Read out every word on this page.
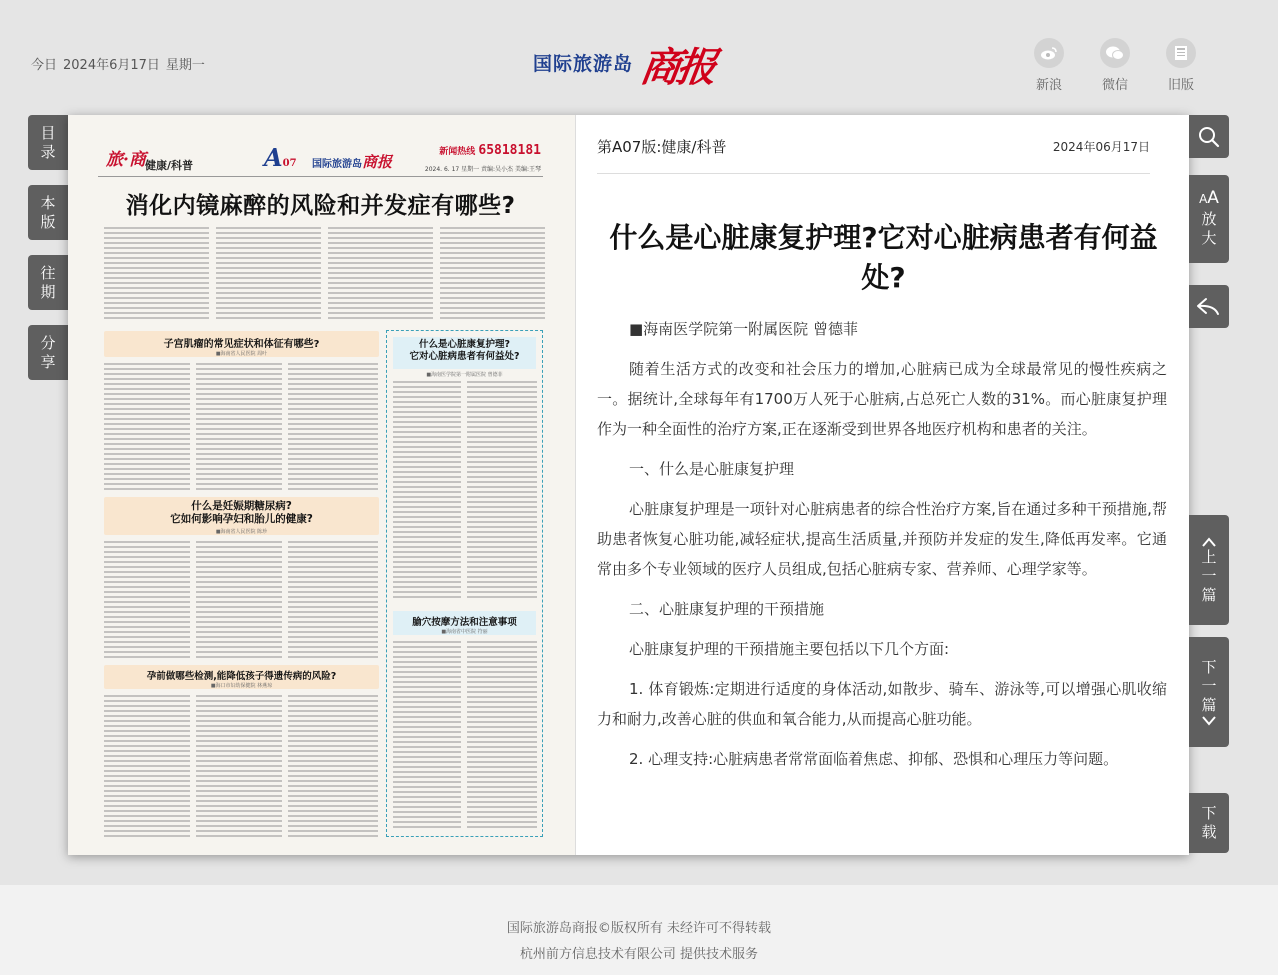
今日 2024年6月17日 星期一	国际旅游岛 商报	新浪	微信	旧版
目
录
本
版
往
期
分
享
旅·商 健康/科普	A07 国际旅游岛商报
新闻热线 65818181
2024. 6. 17 星期一 责编:吴小杰 美编:王琴
消化内镜麻醉的风险和并发症有哪些?
子宫肌瘤的常见症状和体征有哪些?
■海南省人民医院 周叶
什么是妊娠期糖尿病?
它如何影响孕妇和胎儿的健康?
■海南省人民医院 陈珍
孕前做哪些检测,能降低孩子得遗传病的风险?
■海口市妇幼保健院 林燕琼
什么是心脏康复护理?
它对心脏病患者有何益处?
■海南医学院第一附属医院 曾德菲
腧穴按摩方法和注意事项
■海南省中医院 符丽
第A07版:健康/科普	2024年06月17日
什么是心脏康复护理?它对心脏病患者有何益处?

■海南医学院第一附属医院 曾德菲

随着生活方式的改变和社会压力的增加,心脏病已成为全球最常见的慢性疾病之一。据统计,全球每年有1700万人死于心脏病,占总死亡人数的31%。而心脏康复护理作为一种全面性的治疗方案,正在逐渐受到世界各地医疗机构和患者的关注。

一、什么是心脏康复护理

心脏康复护理是一项针对心脏病患者的综合性治疗方案,旨在通过多种干预措施,帮助患者恢复心脏功能,减轻症状,提高生活质量,并预防并发症的发生,降低再发率。它通常由多个专业领域的医疗人员组成,包括心脏病专家、营养师、心理学家等。

二、心脏康复护理的干预措施

心脏康复护理的干预措施主要包括以下几个方面:

1. 体育锻炼:定期进行适度的身体活动,如散步、骑车、游泳等,可以增强心肌收缩力和耐力,改善心脏的供血和氧合能力,从而提高心脏功能。

2. 心理支持:心脏病患者常常面临着焦虑、抑郁、恐惧和心理压力等问题。

AA
放
大
上
一
篇
下
一
篇
下
载
国际旅游岛商报©版权所有 未经许可不得转载
杭州前方信息技术有限公司 提供技术服务
